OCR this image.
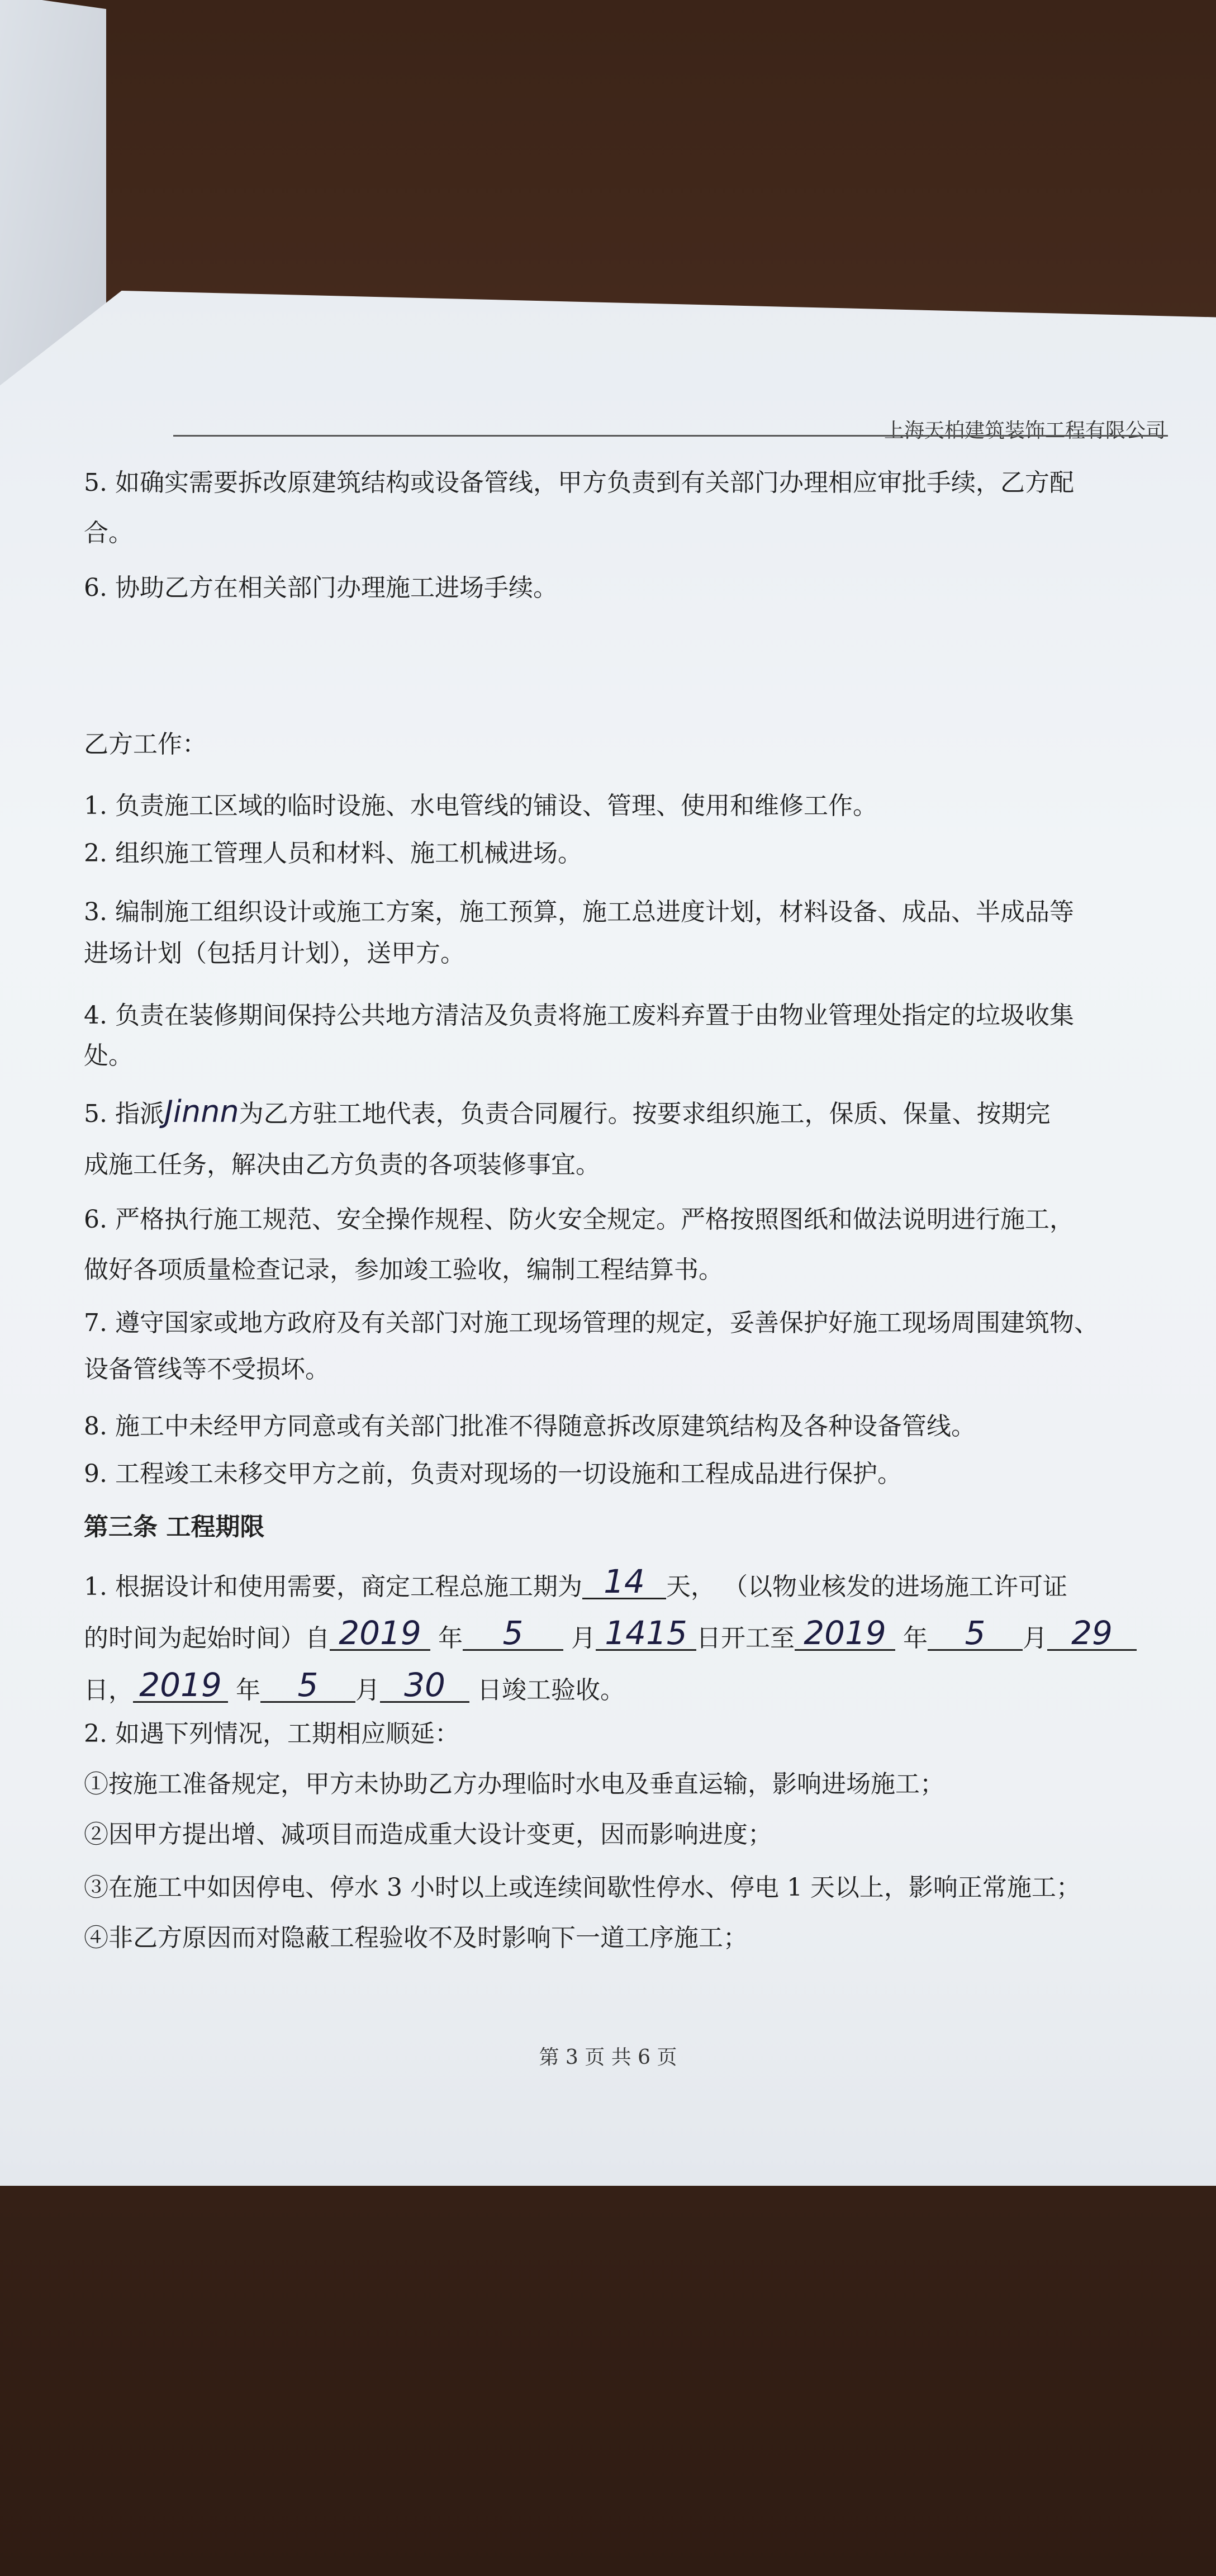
上海天柏建筑装饰工程有限公司
5. 如确实需要拆改原建筑结构或设备管线，甲方负责到有关部门办理相应审批手续，乙方配
合。
6. 协助乙方在相关部门办理施工进场手续。
乙方工作：
1. 负责施工区域的临时设施、水电管线的铺设、管理、使用和维修工作。
2. 组织施工管理人员和材料、施工机械进场。
3. 编制施工组织设计或施工方案，施工预算，施工总进度计划，材料设备、成品、半成品等
进场计划（包括月计划），送甲方。
4. 负责在装修期间保持公共地方清洁及负责将施工废料弃置于由物业管理处指定的垃圾收集
处。
5. 指派Jinnn为乙方驻工地代表，负责合同履行。按要求组织施工，保质、保量、按期完
成施工任务，解决由乙方负责的各项装修事宜。
6. 严格执行施工规范、安全操作规程、防火安全规定。严格按照图纸和做法说明进行施工，
做好各项质量检查记录，参加竣工验收，编制工程结算书。
7. 遵守国家或地方政府及有关部门对施工现场管理的规定，妥善保护好施工现场周围建筑物、
设备管线等不受损坏。
8. 施工中未经甲方同意或有关部门批准不得随意拆改原建筑结构及各种设备管线。
9. 工程竣工未移交甲方之前，负责对现场的一切设施和工程成品进行保护。
第三条 工程期限
1. 根据设计和使用需要，商定工程总施工期为 14 天， （以物业核发的进场施工许可证
的时间为起始时间）自 2019 年 5 月 1415 日开工至 2019 年 5 月 29
日， 2019 年 5 月 30 日竣工验收。
2. 如遇下列情况，工期相应顺延：
①按施工准备规定，甲方未协助乙方办理临时水电及垂直运输，影响进场施工；
②因甲方提出增、减项目而造成重大设计变更，因而影响进度；
③在施工中如因停电、停水 3 小时以上或连续间歇性停水、停电 1 天以上，影响正常施工；
④非乙方原因而对隐蔽工程验收不及时影响下一道工序施工；
第 3 页 共 6 页
